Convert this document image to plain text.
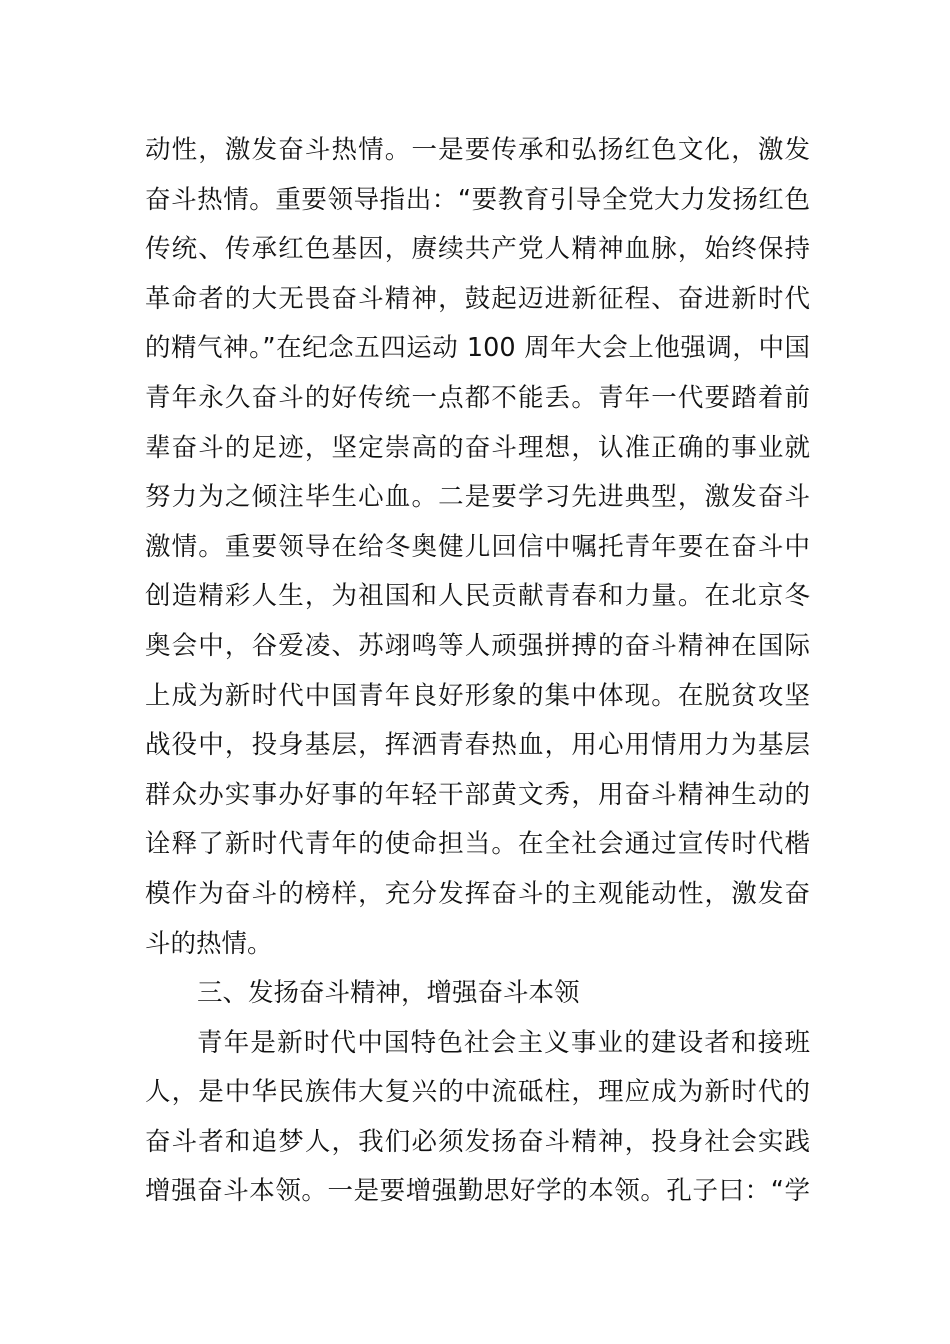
动性，激发奋斗热情。一是要传承和弘扬红色文化，激发
奋斗热情。重要领导指出：“要教育引导全党大力发扬红色
传统、传承红色基因，赓续共产党人精神血脉，始终保持
革命者的大无畏奋斗精神，鼓起迈进新征程、奋进新时代
的精气神。”在纪念五四运动 100 周年大会上他强调，中国
青年永久奋斗的好传统一点都不能丢。青年一代要踏着前
辈奋斗的足迹，坚定崇高的奋斗理想，认准正确的事业就
努力为之倾注毕生心血。二是要学习先进典型，激发奋斗
激情。重要领导在给冬奥健儿回信中嘱托青年要在奋斗中
创造精彩人生，为祖国和人民贡献青春和力量。在北京冬
奥会中，谷爱凌、苏翊鸣等人顽强拼搏的奋斗精神在国际
上成为新时代中国青年良好形象的集中体现。在脱贫攻坚
战役中，投身基层，挥洒青春热血，用心用情用力为基层
群众办实事办好事的年轻干部黄文秀，用奋斗精神生动的
诠释了新时代青年的使命担当。在全社会通过宣传时代楷
模作为奋斗的榜样，充分发挥奋斗的主观能动性，激发奋
斗的热情。
三、发扬奋斗精神，增强奋斗本领
青年是新时代中国特色社会主义事业的建设者和接班
人，是中华民族伟大复兴的中流砥柱，理应成为新时代的
奋斗者和追梦人，我们必须发扬奋斗精神，投身社会实践
增强奋斗本领。一是要增强勤思好学的本领。孔子曰：“学
